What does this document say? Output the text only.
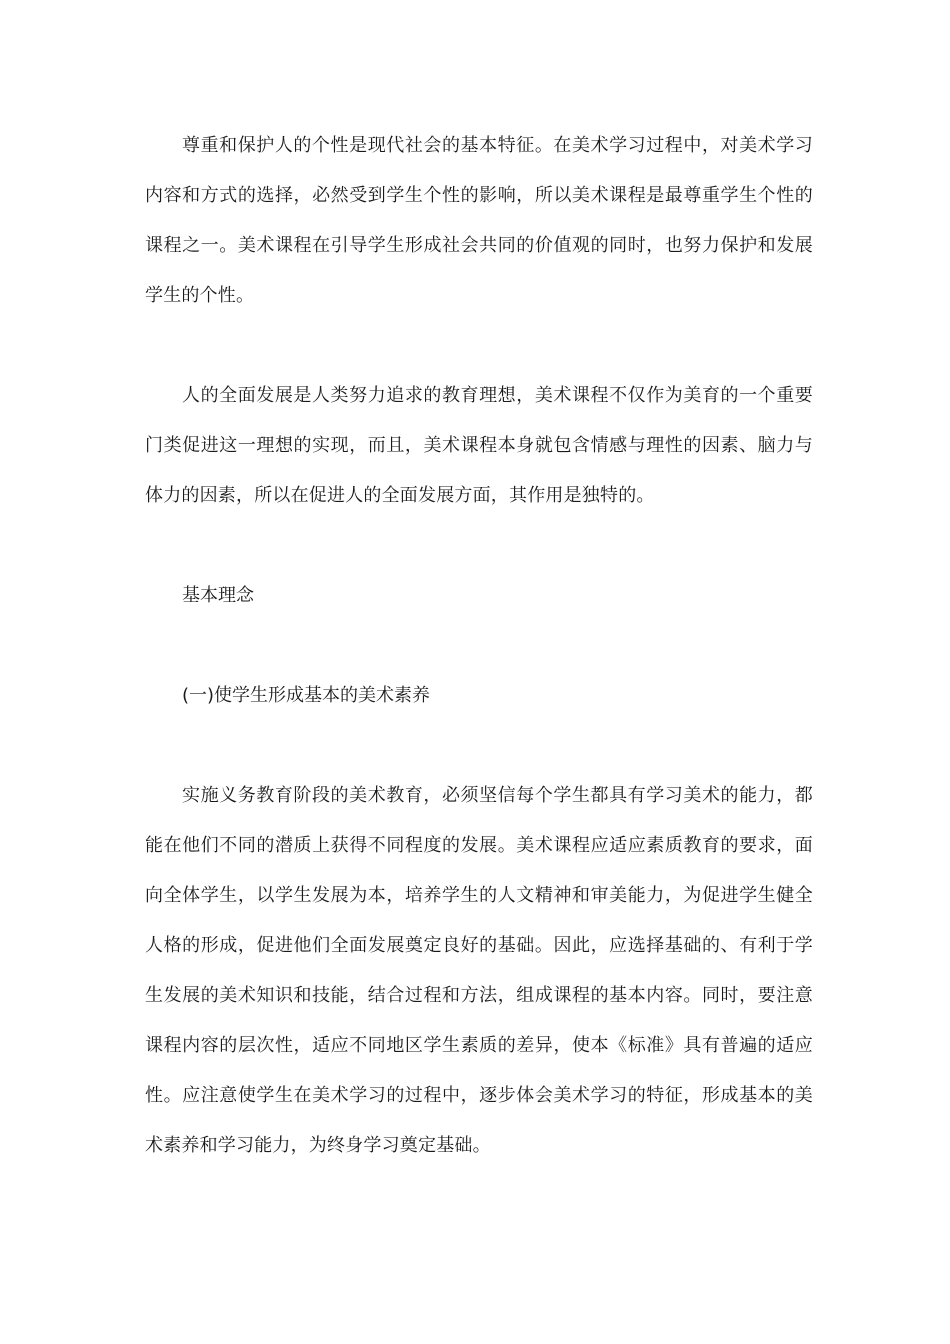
尊重和保护人的个性是现代社会的基本特征。在美术学习过程中，对美术学习内容和方式的选择，必然受到学生个性的影响，所以美术课程是最尊重学生个性的课程之一。美术课程在引导学生形成社会共同的价值观的同时，也努力保护和发展学生的个性。

人的全面发展是人类努力追求的教育理想，美术课程不仅作为美育的一个重要门类促进这一理想的实现，而且，美术课程本身就包含情感与理性的因素、脑力与体力的因素，所以在促进人的全面发展方面，其作用是独特的。

基本理念

(一)使学生形成基本的美术素养

实施义务教育阶段的美术教育，必须坚信每个学生都具有学习美术的能力，都能在他们不同的潜质上获得不同程度的发展。美术课程应适应素质教育的要求，面向全体学生，以学生发展为本，培养学生的人文精神和审美能力，为促进学生健全人格的形成，促进他们全面发展奠定良好的基础。因此，应选择基础的、有利于学生发展的美术知识和技能，结合过程和方法，组成课程的基本内容。同时，要注意课程内容的层次性，适应不同地区学生素质的差异，使本《标准》具有普遍的适应性。应注意使学生在美术学习的过程中，逐步体会美术学习的特征，形成基本的美术素养和学习能力，为终身学习奠定基础。
